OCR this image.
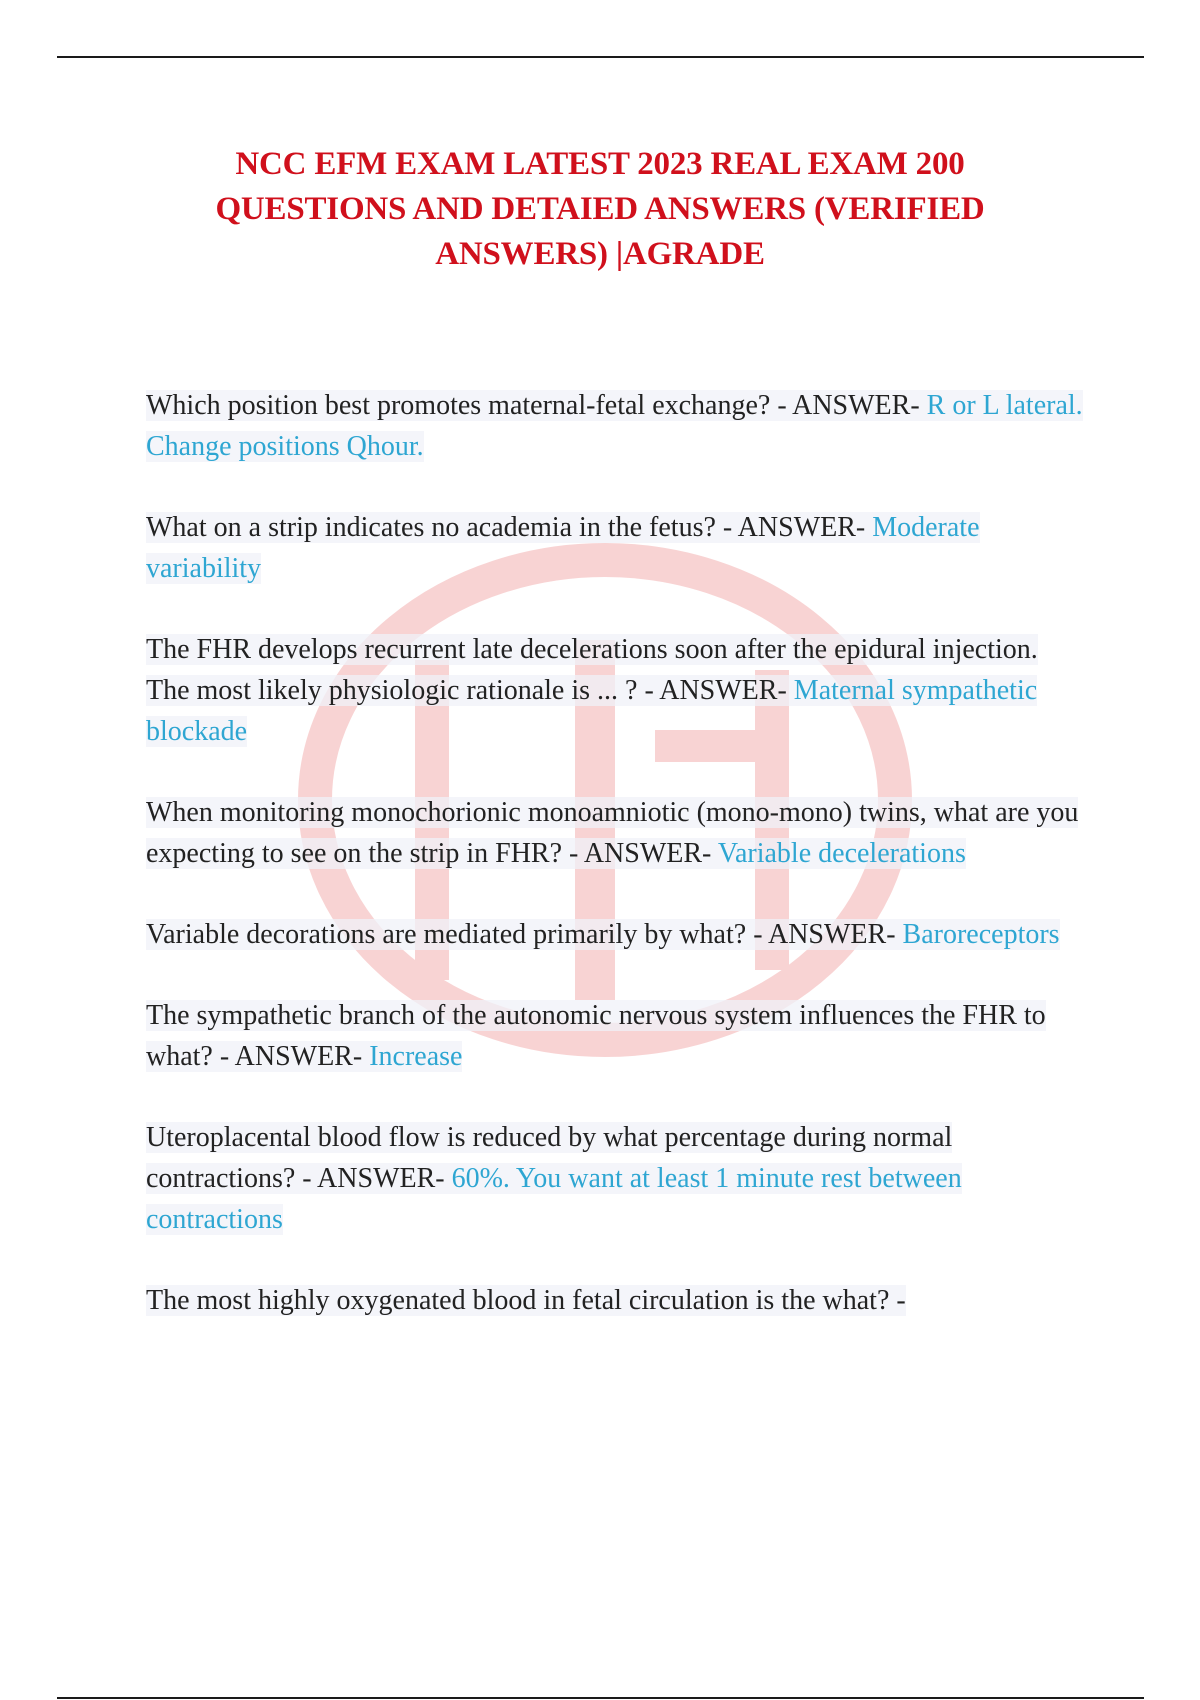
NCC EFM EXAM LATEST 2023 REAL EXAM 200 QUESTIONS AND DETAIED ANSWERS (VERIFIED ANSWERS) |AGRADE

Which position best promotes maternal-fetal exchange? - ANSWER- R or L lateral. Change positions Qhour.

What on a strip indicates no academia in the fetus? - ANSWER- Moderate variability

The FHR develops recurrent late decelerations soon after the epidural injection. The most likely physiologic rationale is ... ? - ANSWER- Maternal sympathetic blockade

When monitoring monochorionic monoamniotic (mono-mono) twins, what are you expecting to see on the strip in FHR? - ANSWER- Variable decelerations

Variable decorations are mediated primarily by what? - ANSWER- Baroreceptors

The sympathetic branch of the autonomic nervous system influences the FHR to what? - ANSWER- Increase

Uteroplacental blood flow is reduced by what percentage during normal contractions? - ANSWER- 60%. You want at least 1 minute rest between contractions

The most highly oxygenated blood in fetal circulation is the what? -
